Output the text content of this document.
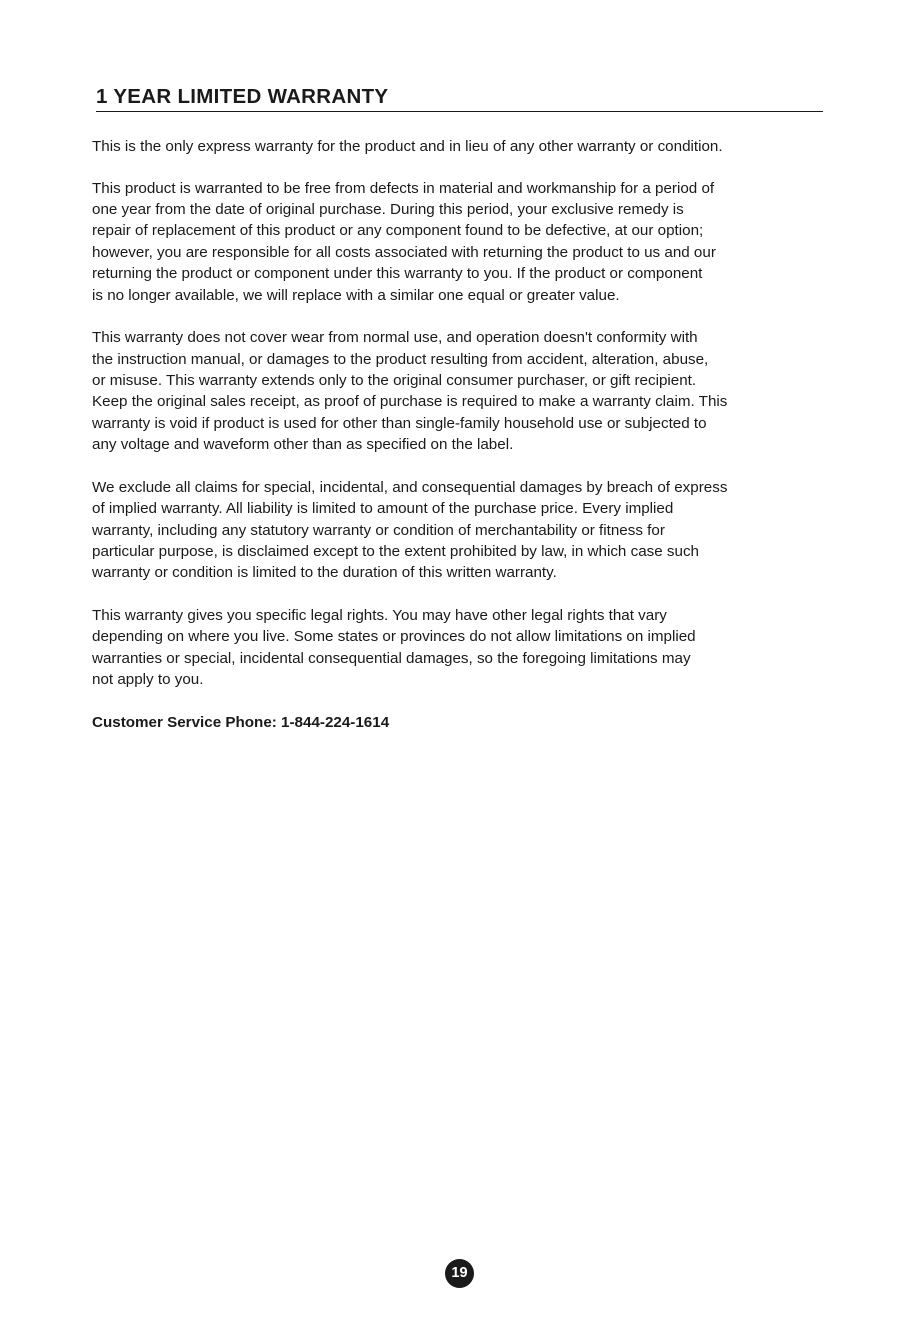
1 YEAR LIMITED WARRANTY

This is the only express warranty for the product and in lieu of any other warranty or condition.

This product is warranted to be free from defects in material and workmanship for a period of
one year from the date of original purchase. During this period, your exclusive remedy is
repair of replacement of this product or any component found to be defective, at our option;
however, you are responsible for all costs associated with returning the product to us and our
returning the product or component under this warranty to you. If the product or component
is no longer available, we will replace with a similar one equal or greater value.

This warranty does not cover wear from normal use, and operation doesn't conformity with
the instruction manual, or damages to the product resulting from accident, alteration, abuse,
or misuse. This warranty extends only to the original consumer purchaser, or gift recipient.
Keep the original sales receipt, as proof of purchase is required to make a warranty claim. This
warranty is void if product is used for other than single-family household use or subjected to
any voltage and waveform other than as specified on the label.

We exclude all claims for special, incidental, and consequential damages by breach of express
of implied warranty. All liability is limited to amount of the purchase price. Every implied
warranty, including any statutory warranty or condition of merchantability or fitness for
particular purpose, is disclaimed except to the extent prohibited by law, in which case such
warranty or condition is limited to the duration of this written warranty.

This warranty gives you specific legal rights. You may have other legal rights that vary
depending on where you live. Some states or provinces do not allow limitations on implied
warranties or special, incidental consequential damages, so the foregoing limitations may
not apply to you.

Customer Service Phone: 1-844-224-1614

19
